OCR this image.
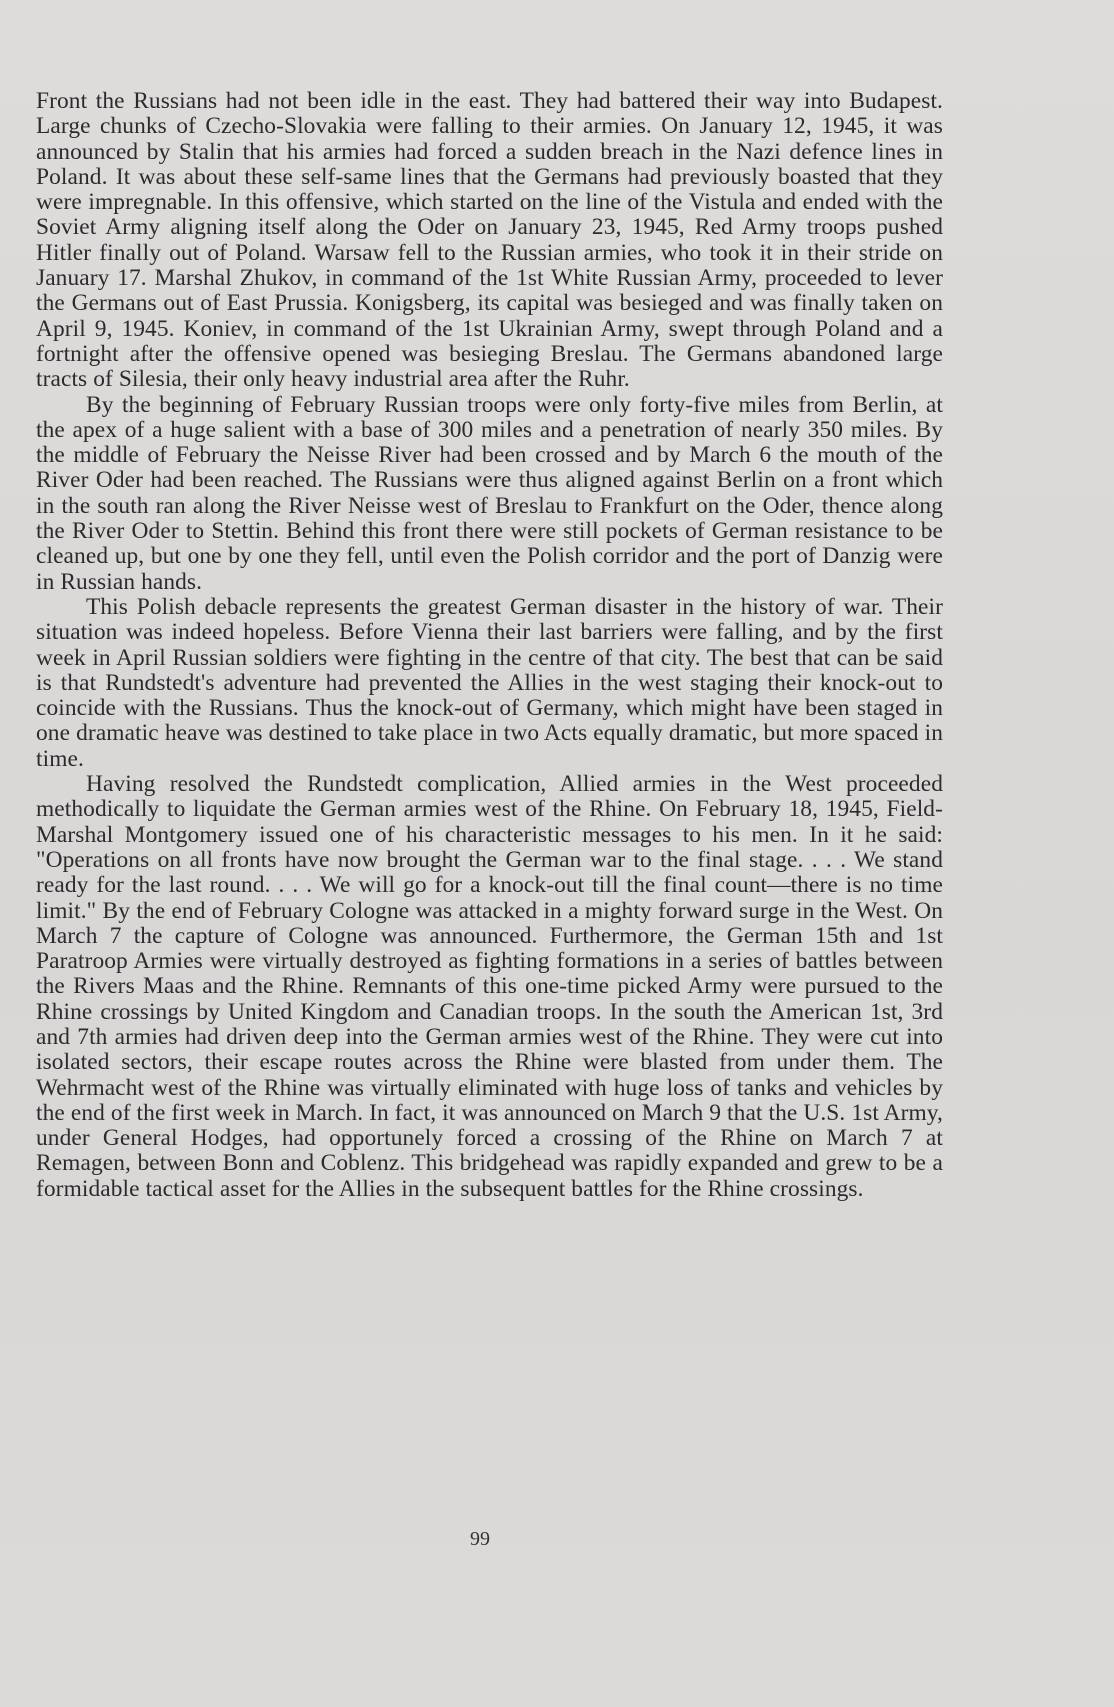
Front the Russians had not been idle in the east. They had battered their way into Budapest. Large chunks of Czecho-Slovakia were falling to their armies. On January 12, 1945, it was announced by Stalin that his armies had forced a sudden breach in the Nazi defence lines in Poland. It was about these self-same lines that the Germans had previously boasted that they were impregnable. In this offensive, which started on the line of the Vistula and ended with the Soviet Army aligning itself along the Oder on January 23, 1945, Red Army troops pushed Hitler finally out of Poland. Warsaw fell to the Russian armies, who took it in their stride on January 17. Marshal Zhukov, in command of the 1st White Russian Army, proceeded to lever the Germans out of East Prussia. Konigsberg, its capital was besieged and was finally taken on April 9, 1945. Koniev, in command of the 1st Ukrainian Army, swept through Poland and a fortnight after the offensive opened was besieging Breslau. The Germans abandoned large tracts of Silesia, their only heavy industrial area after the Ruhr.

By the beginning of February Russian troops were only forty-five miles from Berlin, at the apex of a huge salient with a base of 300 miles and a penetration of nearly 350 miles. By the middle of February the Neisse River had been crossed and by March 6 the mouth of the River Oder had been reached. The Russians were thus aligned against Berlin on a front which in the south ran along the River Neisse west of Breslau to Frankfurt on the Oder, thence along the River Oder to Stettin. Behind this front there were still pockets of German resistance to be cleaned up, but one by one they fell, until even the Polish corridor and the port of Danzig were in Russian hands.

This Polish debacle represents the greatest German disaster in the history of war. Their situation was indeed hopeless. Before Vienna their last barriers were falling, and by the first week in April Russian soldiers were fighting in the centre of that city. The best that can be said is that Rundstedt's adventure had prevented the Allies in the west staging their knock-out to coincide with the Russians. Thus the knock-out of Germany, which might have been staged in one dramatic heave was destined to take place in two Acts equally dramatic, but more spaced in time.

Having resolved the Rundstedt complication, Allied armies in the West proceeded methodically to liquidate the German armies west of the Rhine. On February 18, 1945, Field-Marshal Montgomery issued one of his characteristic messages to his men. In it he said: "Operations on all fronts have now brought the German war to the final stage. . . . We stand ready for the last round. . . . We will go for a knock-out till the final count—there is no time limit." By the end of February Cologne was attacked in a mighty forward surge in the West. On March 7 the capture of Cologne was announced. Furthermore, the German 15th and 1st Paratroop Armies were virtually destroyed as fighting formations in a series of battles between the Rivers Maas and the Rhine. Remnants of this one-time picked Army were pursued to the Rhine crossings by United Kingdom and Canadian troops. In the south the American 1st, 3rd and 7th armies had driven deep into the German armies west of the Rhine. They were cut into isolated sectors, their escape routes across the Rhine were blasted from under them. The Wehrmacht west of the Rhine was virtually eliminated with huge loss of tanks and vehicles by the end of the first week in March. In fact, it was announced on March 9 that the U.S. 1st Army, under General Hodges, had opportunely forced a crossing of the Rhine on March 7 at Remagen, between Bonn and Coblenz. This bridgehead was rapidly expanded and grew to be a formidable tactical asset for the Allies in the subsequent battles for the Rhine crossings.

99
